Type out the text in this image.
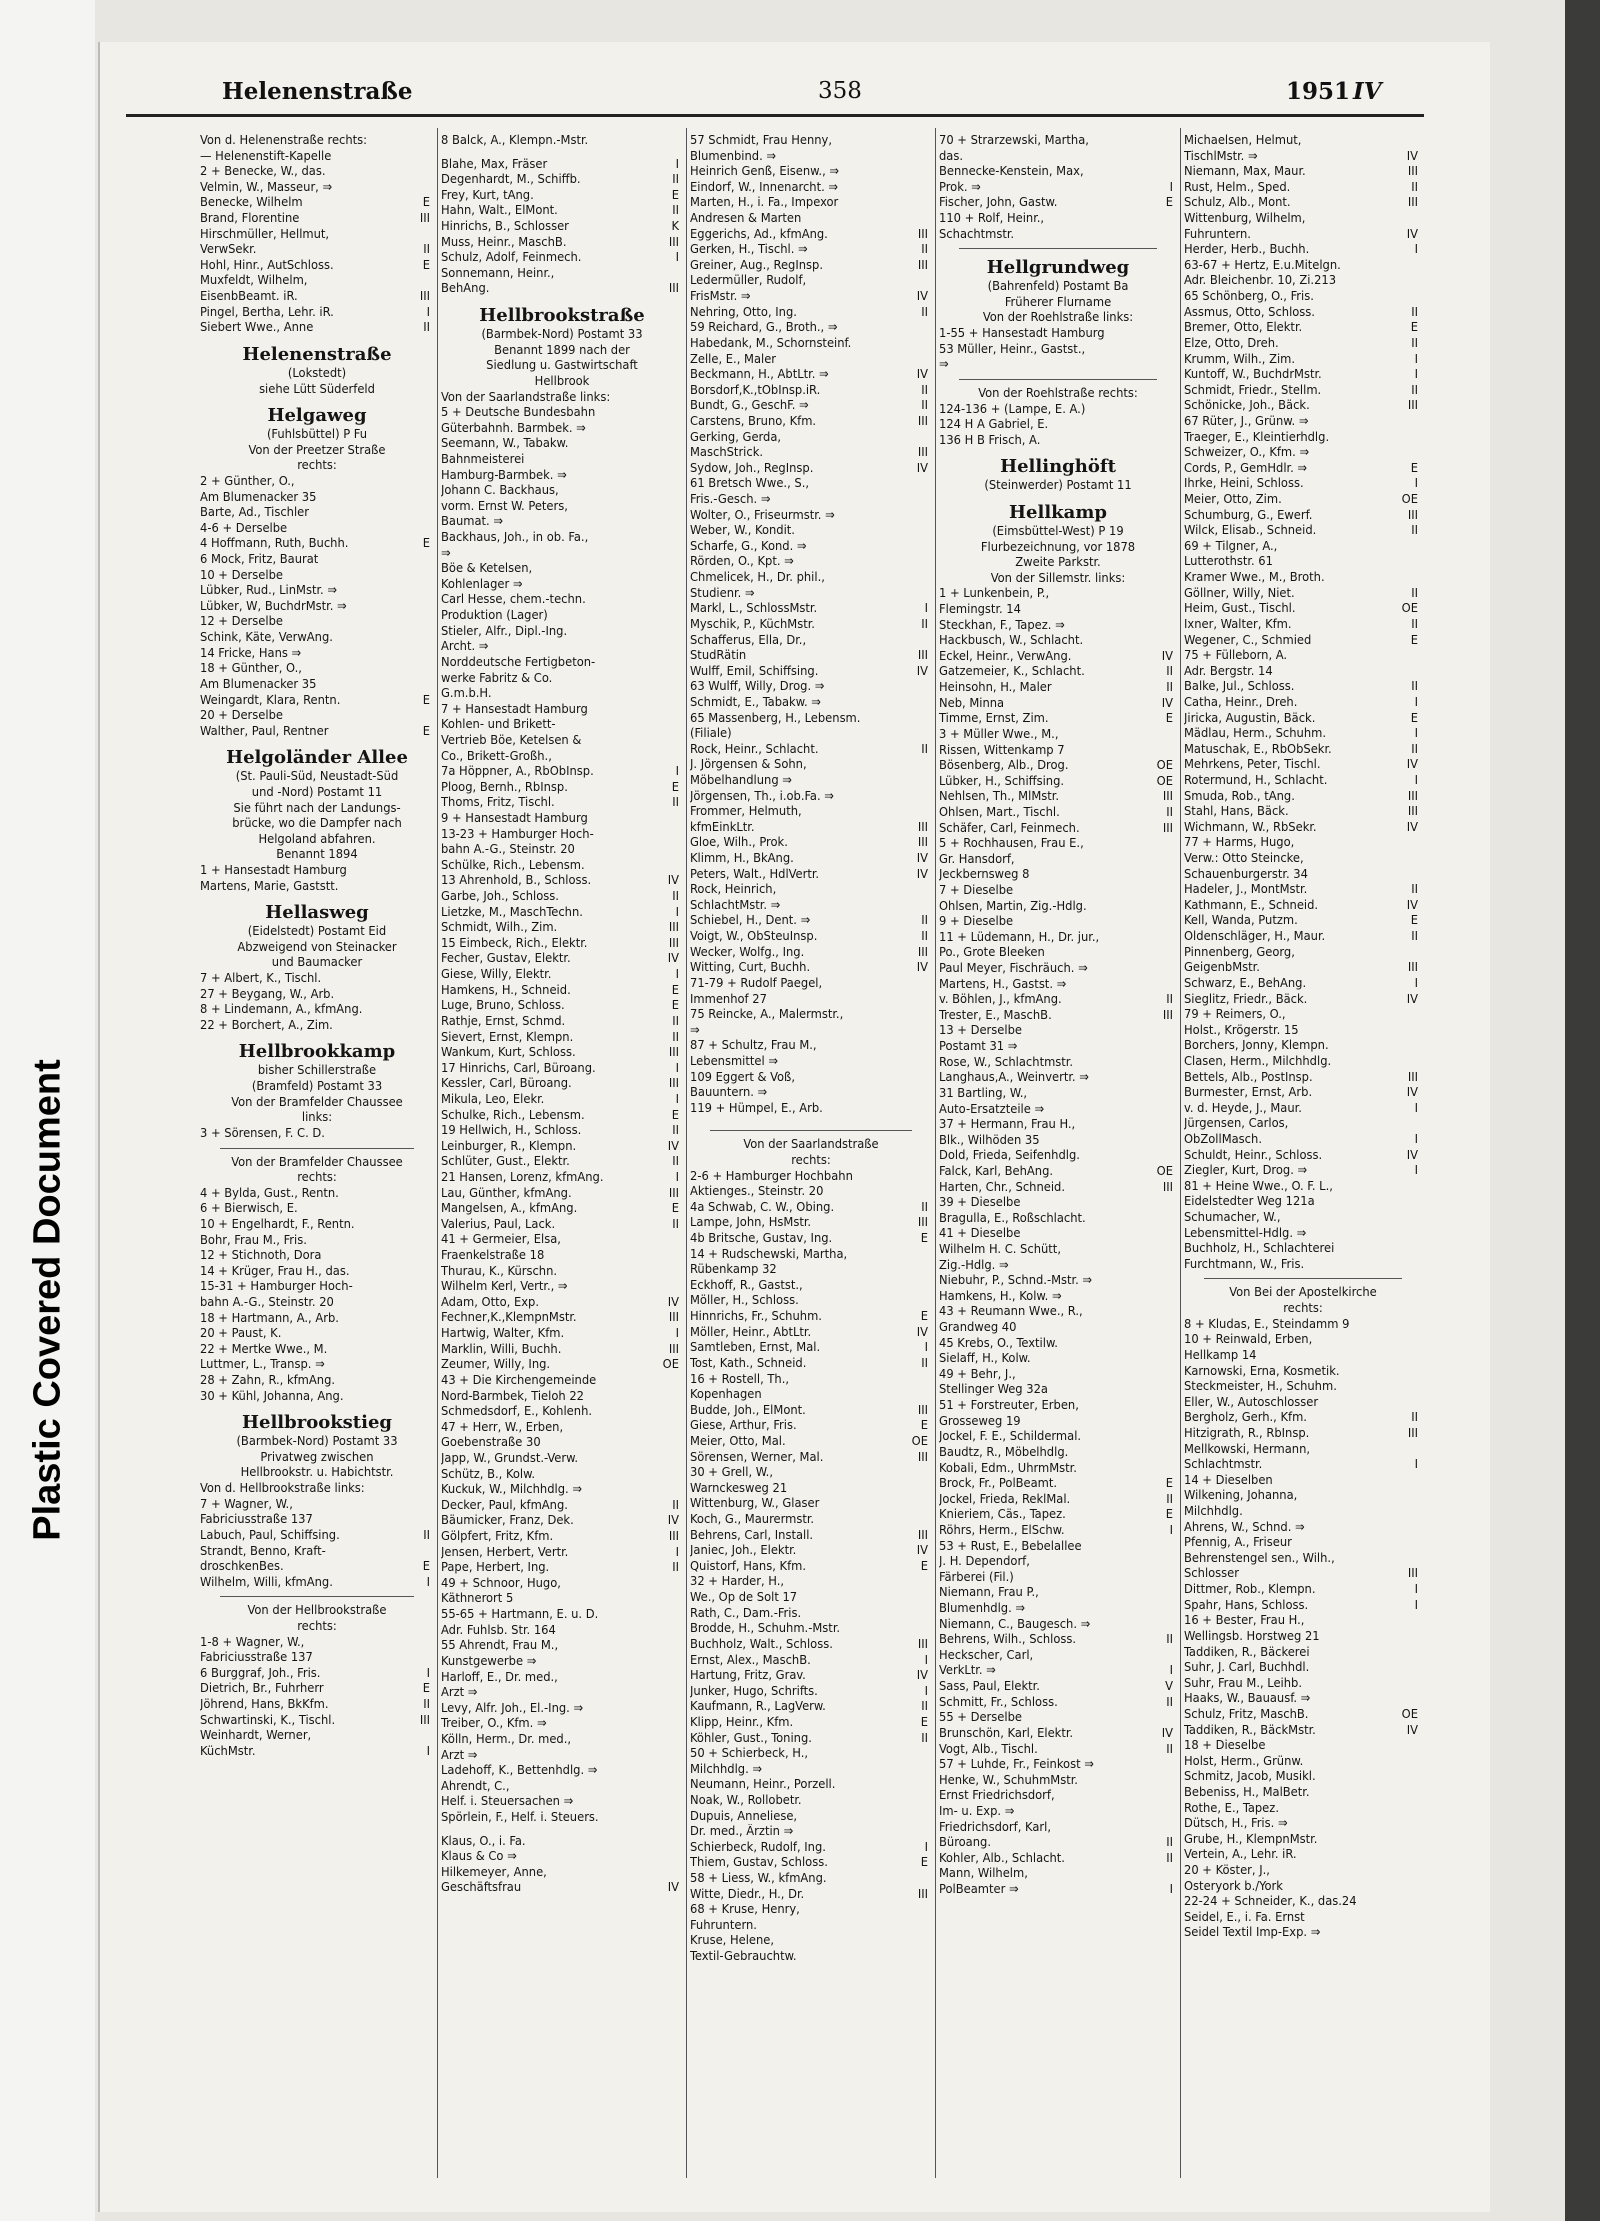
Plastic Covered Document
Helenenstraße	358	1951 IV
Von d. Helenenstraße rechts:
— Helenenstift-Kapelle
2 + Benecke, W., das.
Velmin, W., Masseur, ⇒
Benecke, Wilhelm	E
Brand, Florentine	III
Hirschmüller, Hellmut,
VerwSekr.	II
Hohl, Hinr., AutSchloss.	E
Muxfeldt, Wilhelm,
EisenbBeamt. iR.	III
Pingel, Bertha, Lehr. iR.	I
Siebert Wwe., Anne	II
Helenenstraße
(Lokstedt)
siehe Lütt Süderfeld
Helgaweg
(Fuhlsbüttel) P Fu
Von der Preetzer Straße
rechts:
2 + Günther, O.,
Am Blumenacker 35
Barte, Ad., Tischler
4-6 + Derselbe
4 Hoffmann, Ruth, Buchh.	E
6 Mock, Fritz, Baurat
10 + Derselbe
Lübker, Rud., LinMstr. ⇒
Lübker, W, BuchdrMstr. ⇒
12 + Derselbe
Schink, Käte, VerwAng.
14 Fricke, Hans ⇒
18 + Günther, O.,
Am Blumenacker 35
Weingardt, Klara, Rentn.	E
20 + Derselbe
Walther, Paul, Rentner	E
Helgoländer Allee
(St. Pauli-Süd, Neustadt-Süd
und -Nord) Postamt 11
Sie führt nach der Landungs-
brücke, wo die Dampfer nach
Helgoland abfahren.
Benannt 1894
1 + Hansestadt Hamburg
Martens, Marie, Gaststt.
Hellasweg
(Eidelstedt) Postamt Eid
Abzweigend von Steinacker
und Baumacker
7 + Albert, K., Tischl.
27 + Beygang, W., Arb.
8 + Lindemann, A., kfmAng.
22 + Borchert, A., Zim.
Hellbrookkamp
bisher Schillerstraße
(Bramfeld) Postamt 33
Von der Bramfelder Chaussee
links:
3 + Sörensen, F. C. D.
Von der Bramfelder Chaussee
rechts:
4 + Bylda, Gust., Rentn.
6 + Bierwisch, E.
10 + Engelhardt, F., Rentn.
Bohr, Frau M., Fris.
12 + Stichnoth, Dora
14 + Krüger, Frau H., das.
15-31 + Hamburger Hoch-
bahn A.-G., Steinstr. 20
18 + Hartmann, A., Arb.
20 + Paust, K.
22 + Mertke Wwe., M.
Luttmer, L., Transp. ⇒
28 + Zahn, R., kfmAng.
30 + Kühl, Johanna, Ang.
Hellbrookstieg
(Barmbek-Nord) Postamt 33
Privatweg zwischen
Hellbrookstr. u. Habichtstr.
Von d. Hellbrookstraße links:
7 + Wagner, W.,
Fabriciusstraße 137
Labuch, Paul, Schiffsing.	II
Strandt, Benno, Kraft-
droschkenBes.	E
Wilhelm, Willi, kfmAng.	I
Von der Hellbrookstraße
rechts:
1-8 + Wagner, W.,
Fabriciusstraße 137
6 Burggraf, Joh., Fris.	I
Dietrich, Br., Fuhrherr	E
Jöhrend, Hans, BkKfm.	II
Schwartinski, K., Tischl.	III
Weinhardt, Werner,
KüchMstr.	I
8 Balck, A., Klempn.-Mstr.
Blahe, Max, Fräser	I
Degenhardt, M., Schiffb.	II
Frey, Kurt, tAng.	E
Hahn, Walt., ElMont.	II
Hinrichs, B., Schlosser	K
Muss, Heinr., MaschB.	III
Schulz, Adolf, Feinmech.	I
Sonnemann, Heinr.,
BehAng.	III
Hellbrookstraße
(Barmbek-Nord) Postamt 33
Benannt 1899 nach der
Siedlung u. Gastwirtschaft
Hellbrook
Von der Saarlandstraße links:
5 + Deutsche Bundesbahn
Güterbahnh. Barmbek. ⇒
Seemann, W., Tabakw.
Bahnmeisterei
Hamburg-Barmbek. ⇒
Johann C. Backhaus,
vorm. Ernst W. Peters,
Baumat. ⇒
Backhaus, Joh., in ob. Fa.,
⇒
Böe & Ketelsen,
Kohlenlager ⇒
Carl Hesse, chem.-techn.
Produktion (Lager)
Stieler, Alfr., Dipl.-Ing.
Archt. ⇒
Norddeutsche Fertigbeton-
werke Fabritz & Co.
G.m.b.H.
7 + Hansestadt Hamburg
Kohlen- und Brikett-
Vertrieb Böe, Ketelsen &
Co., Brikett-Großh.,
7a Höppner, A., RbObInsp.	I
Ploog, Bernh., RbInsp.	E
Thoms, Fritz, Tischl.	II
9 + Hansestadt Hamburg
13-23 + Hamburger Hoch-
bahn A.-G., Steinstr. 20
Schülke, Rich., Lebensm.
13 Ahrenhold, B., Schloss.	IV
Garbe, Joh., Schloss.	II
Lietzke, M., MaschTechn.	I
Schmidt, Wilh., Zim.	III
15 Eimbeck, Rich., Elektr.	III
Fecher, Gustav, Elektr.	IV
Giese, Willy, Elektr.	I
Hamkens, H., Schneid.	E
Luge, Bruno, Schloss.	E
Rathje, Ernst, Schmd.	II
Sievert, Ernst, Klempn.	II
Wankum, Kurt, Schloss.	III
17 Hinrichs, Carl, Büroang.	I
Kessler, Carl, Büroang.	III
Mikula, Leo, Elekr.	I
Schulke, Rich., Lebensm.	E
19 Hellwich, H., Schloss.	II
Leinburger, R., Klempn.	IV
Schlüter, Gust., Elektr.	II
21 Hansen, Lorenz, kfmAng.	I
Lau, Günther, kfmAng.	III
Mangelsen, A., kfmAng.	E
Valerius, Paul, Lack.	II
41 + Germeier, Elsa,
Fraenkelstraße 18
Thurau, K., Kürschn.
Wilhelm Kerl, Vertr., ⇒
Adam, Otto, Exp.	IV
Fechner,K.,KlempnMstr.	III
Hartwig, Walter, Kfm.	I
Marklin, Willi, Buchh.	III
Zeumer, Willy, Ing.	OE
43 + Die Kirchengemeinde
Nord-Barmbek, Tieloh 22
Schmedsdorf, E., Kohlenh.
47 + Herr, W., Erben,
Goebenstraße 30
Japp, W., Grundst.-Verw.
Schütz, B., Kolw.
Kuckuk, W., Milchhdlg. ⇒
Decker, Paul, kfmAng.	II
Bäumicker, Franz, Dek.	IV
Gölpfert, Fritz, Kfm.	III
Jensen, Herbert, Vertr.	I
Pape, Herbert, Ing.	II
49 + Schnoor, Hugo,
Käthnerort 5
55-65 + Hartmann, E. u. D.
Adr. Fuhlsb. Str. 164
55 Ahrendt, Frau M.,
Kunstgewerbe ⇒
Harloff, E., Dr. med.,
Arzt ⇒
Levy, Alfr. Joh., El.-Ing. ⇒
Treiber, O., Kfm. ⇒
Kölln, Herm., Dr. med.,
Arzt ⇒
Ladehoff, K., Bettenhdlg. ⇒
Ahrendt, C.,
Helf. i. Steuersachen ⇒
Spörlein, F., Helf. i. Steuers.
Klaus, O., i. Fa.
Klaus & Co ⇒
Hilkemeyer, Anne,
Geschäftsfrau	IV
57 Schmidt, Frau Henny,
Blumenbind. ⇒
Heinrich Genß, Eisenw., ⇒
Eindorf, W., Innenarcht. ⇒
Marten, H., i. Fa., Impexor
Andresen & Marten
Eggerichs, Ad., kfmAng.	III
Gerken, H., Tischl. ⇒	II
Greiner, Aug., RegInsp.	III
Ledermüller, Rudolf,
FrisMstr. ⇒	IV
Nehring, Otto, Ing.	II
59 Reichard, G., Broth., ⇒
Habedank, M., Schornsteinf.
Zelle, E., Maler
Beckmann, H., AbtLtr. ⇒	IV
Borsdorf,K.,tObInsp.iR.	II
Bundt, G., GeschF. ⇒	II
Carstens, Bruno, Kfm.	III
Gerking, Gerda,
MaschStrick.	III
Sydow, Joh., RegInsp.	IV
61 Bretsch Wwe., S.,
Fris.-Gesch. ⇒
Wolter, O., Friseurmstr. ⇒
Weber, W., Kondit.
Scharfe, G., Kond. ⇒
Rörden, O., Kpt. ⇒
Chmelicek, H., Dr. phil.,
Studienr. ⇒
Markl, L., SchlossMstr.	I
Myschik, P., KüchMstr.	II
Schafferus, Ella, Dr.,
StudRätin	III
Wulff, Emil, Schiffsing.	IV
63 Wulff, Willy, Drog. ⇒
Schmidt, E., Tabakw. ⇒
65 Massenberg, H., Lebensm.
(Filiale)
Rock, Heinr., Schlacht.	II
J. Jörgensen & Sohn,
Möbelhandlung ⇒
Jörgensen, Th., i.ob.Fa. ⇒
Frommer, Helmuth,
kfmEinkLtr.	III
Gloe, Wilh., Prok.	III
Klimm, H., BkAng.	IV
Peters, Walt., HdlVertr.	IV
Rock, Heinrich,
SchlachtMstr. ⇒
Schiebel, H., Dent. ⇒	II
Voigt, W., ObSteuInsp.	II
Wecker, Wolfg., Ing.	III
Witting, Curt, Buchh.	IV
71-79 + Rudolf Paegel,
Immenhof 27
75 Reincke, A., Malermstr.,
⇒
87 + Schultz, Frau M.,
Lebensmittel ⇒
109 Eggert & Voß,
Bauuntern. ⇒
119 + Hümpel, E., Arb.
Von der Saarlandstraße
rechts:
2-6 + Hamburger Hochbahn
Aktienges., Steinstr. 20
4a Schwab, C. W., Obing.	II
Lampe, John, HsMstr.	III
4b Britsche, Gustav, Ing.	E
14 + Rudschewski, Martha,
Rübenkamp 32
Eckhoff, R., Gastst.,
Möller, H., Schloss.
Hinnrichs, Fr., Schuhm.	E
Möller, Heinr., AbtLtr.	IV
Samtleben, Ernst, Mal.	I
Tost, Kath., Schneid.	II
16 + Rostell, Th.,
Kopenhagen
Budde, Joh., ElMont.	III
Giese, Arthur, Fris.	E
Meier, Otto, Mal.	OE
Sörensen, Werner, Mal.	III
30 + Grell, W.,
Warnckesweg 21
Wittenburg, W., Glaser
Koch, G., Maurermstr.
Behrens, Carl, Install.	III
Janiec, Joh., Elektr.	IV
Quistorf, Hans, Kfm.	E
32 + Harder, H.,
We., Op de Solt 17
Rath, C., Dam.-Fris.
Brodde, H., Schuhm.-Mstr.
Buchholz, Walt., Schloss.	III
Ernst, Alex., MaschB.	I
Hartung, Fritz, Grav.	IV
Junker, Hugo, Schrifts.	I
Kaufmann, R., LagVerw.	II
Klipp, Heinr., Kfm.	E
Köhler, Gust., Toning.	II
50 + Schierbeck, H.,
Milchhdlg. ⇒
Neumann, Heinr., Porzell.
Noak, W., Rollobetr.
Dupuis, Anneliese,
Dr. med., Ärztin ⇒
Schierbeck, Rudolf, Ing.	I
Thiem, Gustav, Schloss.	E
58 + Liess, W., kfmAng.
Witte, Diedr., H., Dr.	III
68 + Kruse, Henry,
Fuhruntern.
Kruse, Helene,
Textil-Gebrauchtw.
70 + Strarzewski, Martha,
das.
Bennecke-Kenstein, Max,
Prok. ⇒	I
Fischer, John, Gastw.	E
110 + Rolf, Heinr.,
Schachtmstr.
Hellgrundweg
(Bahrenfeld) Postamt Ba
Früherer Flurname
Von der Roehlstraße links:
1-55 + Hansestadt Hamburg
53 Müller, Heinr., Gastst.,
⇒
Von der Roehlstraße rechts:
124-136 + (Lampe, E. A.)
124 H A Gabriel, E.
136 H B Frisch, A.
Hellinghöft
(Steinwerder) Postamt 11
Hellkamp
(Eimsbüttel-West) P 19
Flurbezeichnung, vor 1878
Zweite Parkstr.
Von der Sillemstr. links:
1 + Lunkenbein, P.,
Flemingstr. 14
Steckhan, F., Tapez. ⇒
Hackbusch, W., Schlacht.
Eckel, Heinr., VerwAng.	IV
Gatzemeier, K., Schlacht.	II
Heinsohn, H., Maler	II
Neb, Minna	IV
Timme, Ernst, Zim.	E
3 + Müller Wwe., M.,
Rissen, Wittenkamp 7
Bösenberg, Alb., Drog.	OE
Lübker, H., Schiffsing.	OE
Nehlsen, Th., MlMstr.	III
Ohlsen, Mart., Tischl.	II
Schäfer, Carl, Feinmech.	III
5 + Rochhausen, Frau E.,
Gr. Hansdorf,
Jeckbernsweg 8
7 + Dieselbe
Ohlsen, Martin, Zig.-Hdlg.
9 + Dieselbe
11 + Lüdemann, H., Dr. jur.,
Po., Grote Bleeken
Paul Meyer, Fischräuch. ⇒
Martens, H., Gastst. ⇒
v. Böhlen, J., kfmAng.	II
Trester, E., MaschB.	III
13 + Derselbe
Postamt 31 ⇒
Rose, W., Schlachtmstr.
Langhaus,A., Weinvertr. ⇒
31 Bartling, W.,
Auto-Ersatzteile ⇒
37 + Hermann, Frau H.,
Blk., Wilhöden 35
Dold, Frieda, Seifenhdlg.
Falck, Karl, BehAng.	OE
Harten, Chr., Schneid.	III
39 + Dieselbe
Bragulla, E., Roßschlacht.
41 + Dieselbe
Wilhelm H. C. Schütt,
Zig.-Hdlg. ⇒
Niebuhr, P., Schnd.-Mstr. ⇒
Hamkens, H., Kolw. ⇒
43 + Reumann Wwe., R.,
Grandweg 40
45 Krebs, O., Textilw.
Sielaff, H., Kolw.
49 + Behr, J.,
Stellinger Weg 32a
51 + Forstreuter, Erben,
Grosseweg 19
Jockel, F. E., Schildermal.
Baudtz, R., Möbelhdlg.
Kobali, Edm., UhrmMstr.
Brock, Fr., PolBeamt.	E
Jockel, Frieda, ReklMal.	II
Knieriem, Cäs., Tapez.	E
Röhrs, Herm., ElSchw.	I
53 + Rust, E., Bebelallee
J. H. Dependorf,
Färberei (Fil.)
Niemann, Frau P.,
Blumenhdlg. ⇒
Niemann, C., Baugesch. ⇒
Behrens, Wilh., Schloss.	II
Heckscher, Carl,
VerkLtr. ⇒	I
Sass, Paul, Elektr.	V
Schmitt, Fr., Schloss.	II
55 + Derselbe
Brunschön, Karl, Elektr.	IV
Vogt, Alb., Tischl.	II
57 + Luhde, Fr., Feinkost ⇒
Henke, W., SchuhmMstr.
Ernst Friedrichsdorf,
Im- u. Exp. ⇒
Friedrichsdorf, Karl,
Büroang.	II
Kohler, Alb., Schlacht.	II
Mann, Wilhelm,
PolBeamter ⇒	I
Michaelsen, Helmut,
TischlMstr. ⇒	IV
Niemann, Max, Maur.	III
Rust, Helm., Sped.	II
Schulz, Alb., Mont.	III
Wittenburg, Wilhelm,
Fuhruntern.	IV
Herder, Herb., Buchh.	I
63-67 + Hertz, E.u.Mitelgn.
Adr. Bleichenbr. 10, Zi.213
65 Schönberg, O., Fris.
Assmus, Otto, Schloss.	II
Bremer, Otto, Elektr.	E
Elze, Otto, Dreh.	II
Krumm, Wilh., Zim.	I
Kuntoff, W., BuchdrMstr.	I
Schmidt, Friedr., Stellm.	II
Schönicke, Joh., Bäck.	III
67 Rüter, J., Grünw. ⇒
Traeger, E., Kleintierhdlg.
Schweizer, O., Kfm. ⇒
Cords, P., GemHdlr. ⇒	E
Ihrke, Heini, Schloss.	I
Meier, Otto, Zim.	OE
Schumburg, G., Ewerf.	III
Wilck, Elisab., Schneid.	II
69 + Tilgner, A.,
Lutterothstr. 61
Kramer Wwe., M., Broth.
Göllner, Willy, Niet.	II
Heim, Gust., Tischl.	OE
Ixner, Walter, Kfm.	II
Wegener, C., Schmied	E
75 + Fülleborn, A.
Adr. Bergstr. 14
Balke, Jul., Schloss.	II
Catha, Heinr., Dreh.	I
Jiricka, Augustin, Bäck.	E
Mädlau, Herm., Schuhm.	I
Matuschak, E., RbObSekr.	II
Mehrkens, Peter, Tischl.	IV
Rotermund, H., Schlacht.	I
Smuda, Rob., tAng.	III
Stahl, Hans, Bäck.	III
Wichmann, W., RbSekr.	IV
77 + Harms, Hugo,
Verw.: Otto Steincke,
Schauenburgerstr. 34
Hadeler, J., MontMstr.	II
Kathmann, E., Schneid.	IV
Kell, Wanda, Putzm.	E
Oldenschläger, H., Maur.	II
Pinnenberg, Georg,
GeigenbMstr.	III
Schwarz, E., BehAng.	I
Sieglitz, Friedr., Bäck.	IV
79 + Reimers, O.,
Holst., Krögerstr. 15
Borchers, Jonny, Klempn.
Clasen, Herm., Milchhdlg.
Bettels, Alb., PostInsp.	III
Burmester, Ernst, Arb.	IV
v. d. Heyde, J., Maur.	I
Jürgensen, Carlos,
ObZollMasch.	I
Schuldt, Heinr., Schloss.	IV
Ziegler, Kurt, Drog. ⇒	I
81 + Heine Wwe., O. F. L.,
Eidelstedter Weg 121a
Schumacher, W.,
Lebensmittel-Hdlg. ⇒
Buchholz, H., Schlachterei
Furchtmann, W., Fris.
Von Bei der Apostelkirche
rechts:
8 + Kludas, E., Steindamm 9
10 + Reinwald, Erben,
Hellkamp 14
Karnowski, Erna, Kosmetik.
Steckmeister, H., Schuhm.
Eller, W., Autoschlosser
Bergholz, Gerh., Kfm.	II
Hitzigrath, R., RbInsp.	III
Mellkowski, Hermann,
Schlachtmstr.	I
14 + Dieselben
Wilkening, Johanna,
Milchhdlg.
Ahrens, W., Schnd. ⇒
Pfennig, A., Friseur
Behrenstengel sen., Wilh.,
Schlosser	III
Dittmer, Rob., Klempn.	I
Spahr, Hans, Schloss.	I
16 + Bester, Frau H.,
Wellingsb. Horstweg 21
Taddiken, R., Bäckerei
Suhr, J. Carl, Buchhdl.
Suhr, Frau M., Leihb.
Haaks, W., Bauausf. ⇒
Schulz, Fritz, MaschB.	OE
Taddiken, R., BäckMstr.	IV
18 + Dieselbe
Holst, Herm., Grünw.
Schmitz, Jacob, Musikl.
Bebeniss, H., MalBetr.
Rothe, E., Tapez.
Dütsch, H., Fris. ⇒
Grube, H., KlempnMstr.
Vertein, A., Lehr. iR.
20 + Köster, J.,
Osteryork b./York
22-24 + Schneider, K., das.24
Seidel, E., i. Fa. Ernst
Seidel Textil Imp-Exp. ⇒
